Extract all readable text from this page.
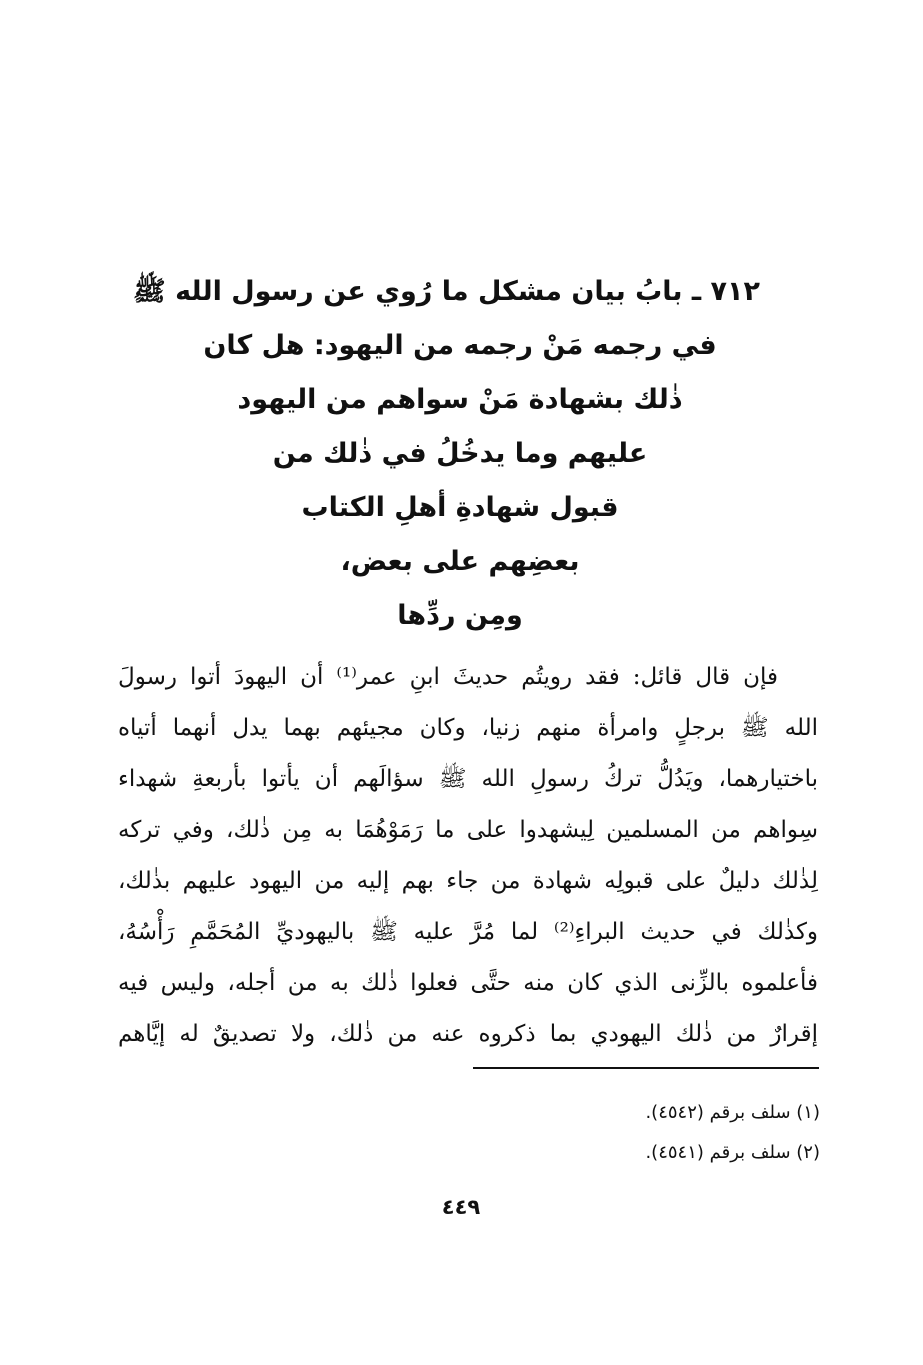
٧١٢ ـ بابُ بيان مشكل ما رُوي عن رسول الله ﷺ
في رجمه مَنْ رجمه من اليهود: هل كان
ذٰلك بشهادة مَنْ سواهم من اليهود
عليهم وما يدخُلُ في ذٰلك من
قبول شهادةِ أهلِ الكتاب
بعضِهم على بعض،
ومِن ردِّها
فإن قال قائل: فقد رويتُم حديثَ ابنِ عمر⁽¹⁾ أن اليهودَ أتوا رسولَ
الله ﷺ برجلٍ وامرأة منهم زنيا، وكان مجيئهم بهما يدل أنهما أتياه
باختيارهما، ويَدُلُّ تركُ رسولِ الله ﷺ سؤالَهم أن يأتوا بأربعةِ شهداء
سِواهم من المسلمين لِيشهدوا على ما رَمَوْهُمَا به مِن ذٰلك، وفي تركه
لِذٰلك دليلٌ على قبولِه شهادة من جاء بهم إليه من اليهود عليهم بذٰلك،
وكذٰلك في حديث البراءِ⁽²⁾ لما مُرَّ عليه ﷺ باليهوديِّ المُحَمَّمِ رَأْسُهُ،
فأعلموه بالزِّنى الذي كان منه حتَّى فعلوا ذٰلك به من أجله، وليس فيه
إقرارٌ من ذٰلك اليهودي بما ذكروه عنه من ذٰلك، ولا تصديقٌ له إيَّاهم
(١) سلف برقم (٤٥٤٢).
(٢) سلف برقم (٤٥٤١).
٤٤٩
